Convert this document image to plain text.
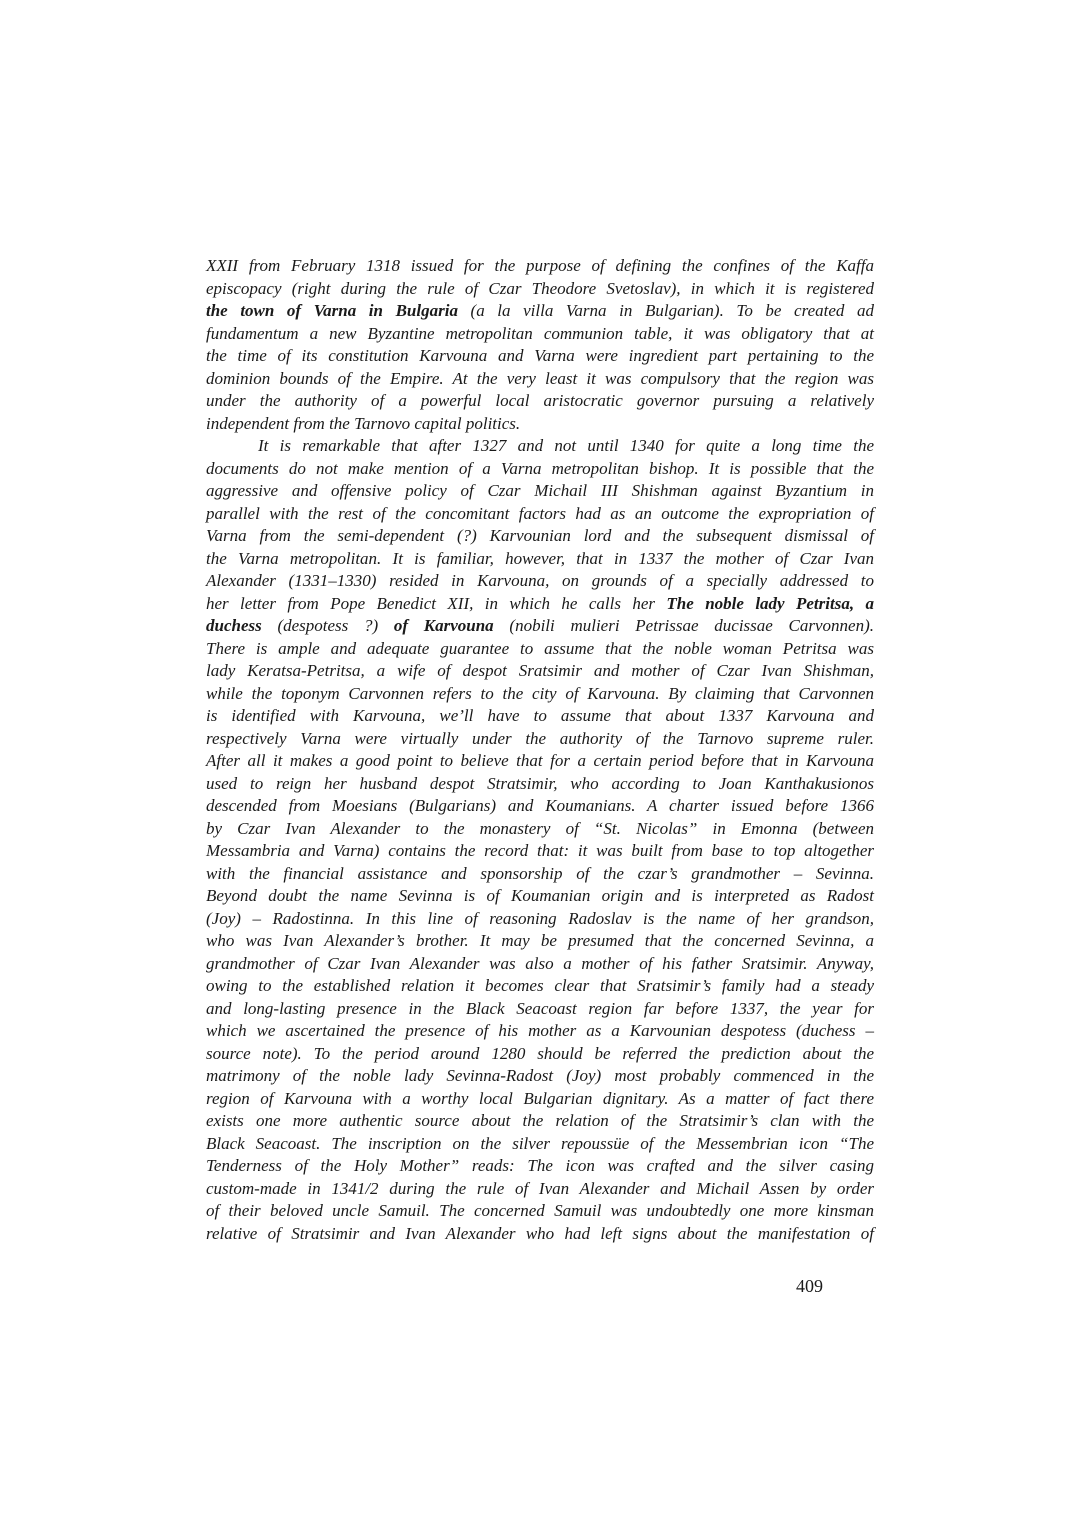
XXII from February 1318 issued for the purpose of defining the confines of the Kaffa
episcopacy (right during the rule of Czar Theodore Svetoslav), in which it is registered
the town of Varna in Bulgaria (a la villa Varna in Bulgarian). To be created ad
fundamentum a new Byzantine metropolitan communion table, it was obligatory that at
the time of its constitution Karvouna and Varna were ingredient part pertaining to the
dominion bounds of the Empire. At the very least it was compulsory that the region was
under the authority of a powerful local aristocratic governor pursuing a relatively
independent from the Tarnovo capital politics.
It is remarkable that after 1327 and not until 1340 for quite a long time the
documents do not make mention of a Varna metropolitan bishop. It is possible that the
aggressive and offensive policy of Czar Michail III Shishman against Byzantium in
parallel with the rest of the concomitant factors had as an outcome the expropriation of
Varna from the semi-dependent (?) Karvounian lord and the subsequent dismissal of
the Varna metropolitan. It is familiar, however, that in 1337 the mother of Czar Ivan
Alexander (1331–1330) resided in Karvouna, on grounds of a specially addressed to
her letter from Pope Benedict XII, in which he calls her The noble lady Petritsa, a
duchess (despotess ?) of Karvouna (nobili mulieri Petrissae ducissae Carvonnen).
There is ample and adequate guarantee to assume that the noble woman Petritsa was
lady Keratsa-Petritsa, a wife of despot Sratsimir and mother of Czar Ivan Shishman,
while the toponym Carvonnen refers to the city of Karvouna. By claiming that Carvonnen
is identified with Karvouna, we’ll have to assume that about 1337 Karvouna and
respectively Varna were virtually under the authority of the Tarnovo supreme ruler.
After all it makes a good point to believe that for a certain period before that in Karvouna
used to reign her husband despot Stratsimir, who according to Joan Kanthakusionos
descended from Moesians (Bulgarians) and Koumanians. A charter issued before 1366
by Czar Ivan Alexander to the monastery of “St. Nicolas” in Emonna (between
Messambria and Varna) contains the record that: it was built from base to top altogether
with the financial assistance and sponsorship of the czar’s grandmother – Sevinna.
Beyond doubt the name Sevinna is of Koumanian origin and is interpreted as Radost
(Joy) – Radostinna. In this line of reasoning Radoslav is the name of her grandson,
who was Ivan Alexander’s brother. It may be presumed that the concerned Sevinna, a
grandmother of Czar Ivan Alexander was also a mother of his father Sratsimir. Anyway,
owing to the established relation it becomes clear that Sratsimir’s family had a steady
and long-lasting presence in the Black Seacoast region far before 1337, the year for
which we ascertained the presence of his mother as a Karvounian despotess (duchess –
source note). To the period around 1280 should be referred the prediction about the
matrimony of the noble lady Sevinna-Radost (Joy) most probably commenced in the
region of Karvouna with a worthy local Bulgarian dignitary. As a matter of fact there
exists one more authentic source about the relation of the Stratsimir’s clan with the
Black Seacoast. The inscription on the silver repoussüe of the Messembrian icon “The
Tenderness of the Holy Mother” reads: The icon was crafted and the silver casing
custom-made in 1341/2 during the rule of Ivan Alexander and Michail Assen by order
of their beloved uncle Samuil. The concerned Samuil was undoubtedly one more kinsman
relative of Stratsimir and Ivan Alexander who had left signs about the manifestation of
409
